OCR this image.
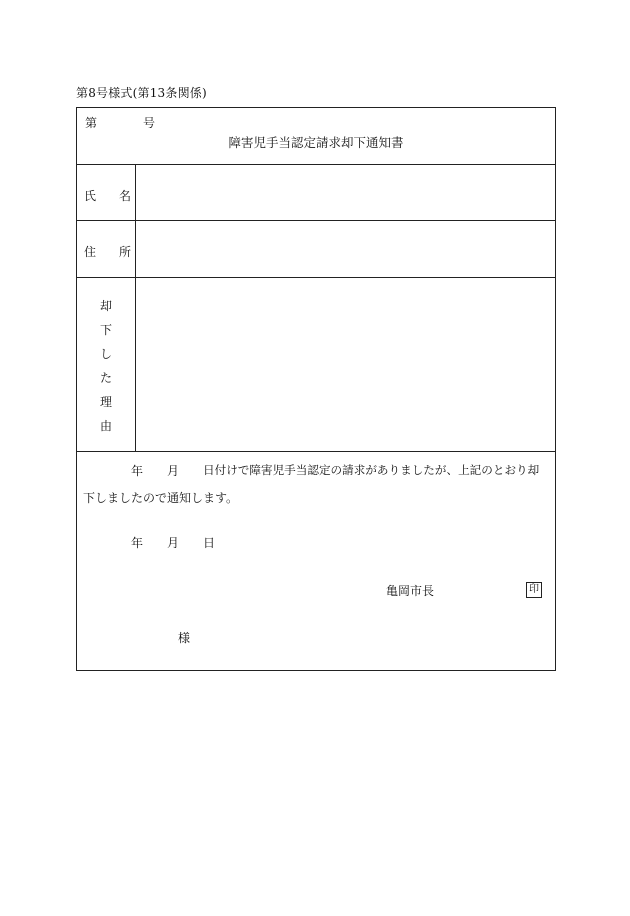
第8号様式(第13条関係)
第	号
障害児手当認定請求却下通知書
氏 名
住 所
却
下
し
た
理
由
年 月 日付けで障害児手当認定の請求がありましたが、上記のとおり却
下しましたので通知します。
年 月 日
亀岡市長	印
様
